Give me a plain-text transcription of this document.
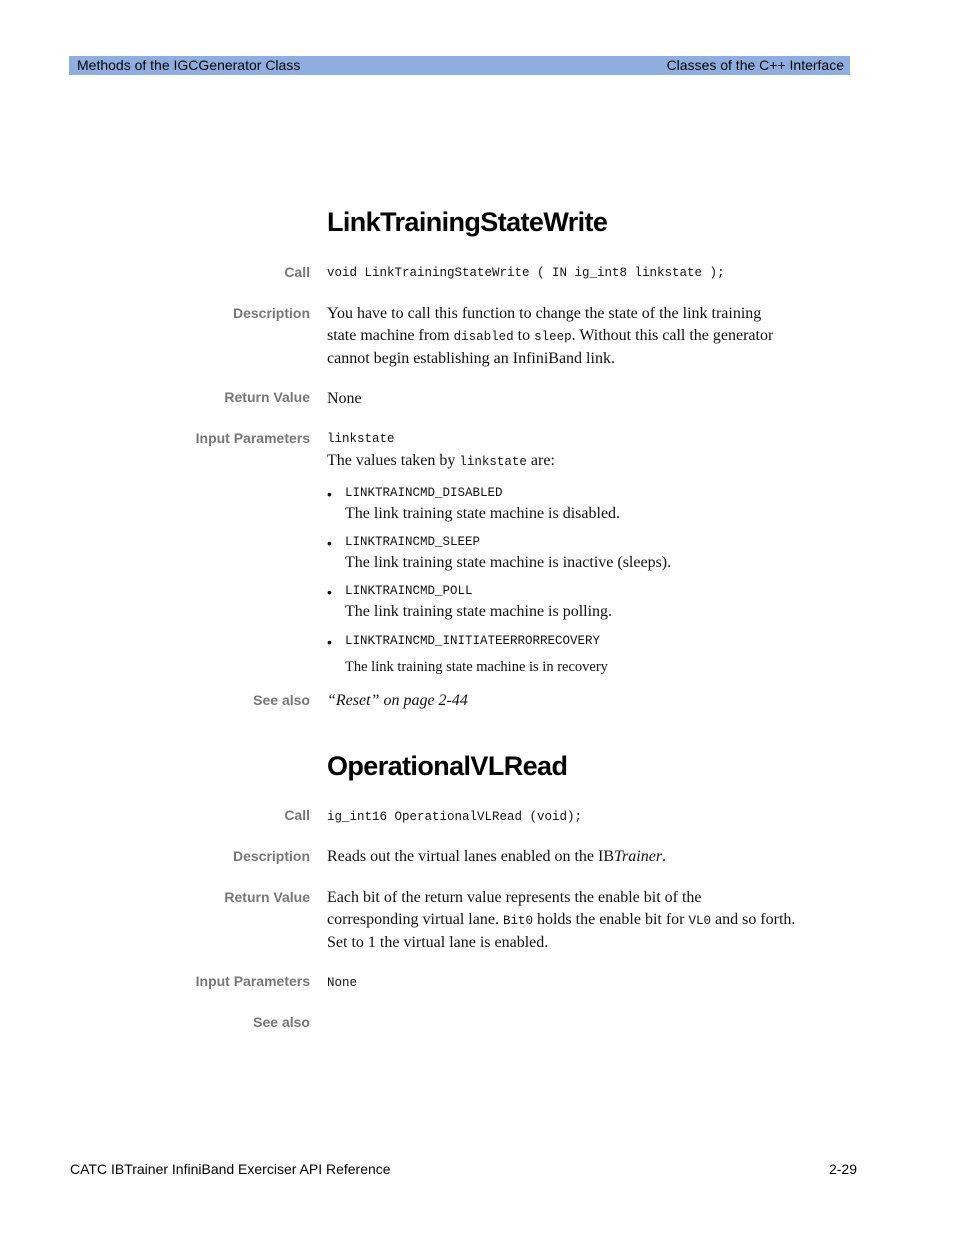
Methods of the IGCGenerator Class	Classes of the C++ Interface
LinkTrainingStateWrite
Call void LinkTrainingStateWrite ( IN ig_int8 linkstate );
Description You have to call this function to change the state of the link training
state machine from disabled to sleep. Without this call the generator
cannot begin establishing an InfiniBand link.
Return Value None
Input Parameters linkstate
The values taken by linkstate are:
• LINKTRAINCMD_DISABLED
The link training state machine is disabled.
• LINKTRAINCMD_SLEEP
The link training state machine is inactive (sleeps).
• LINKTRAINCMD_POLL
The link training state machine is polling.
• LINKTRAINCMD_INITIATEERRORRECOVERY
The link training state machine is in recovery
See also “Reset” on page 2-44
OperationalVLRead
Call ig_int16 OperationalVLRead (void);
Description Reads out the virtual lanes enabled on the IBTrainer.
Return Value Each bit of the return value represents the enable bit of the
corresponding virtual lane. Bit0 holds the enable bit for VL0 and so forth.
Set to 1 the virtual lane is enabled.
Input Parameters None
See also
CATC IBTrainer InfiniBand Exerciser API Reference	2-29
